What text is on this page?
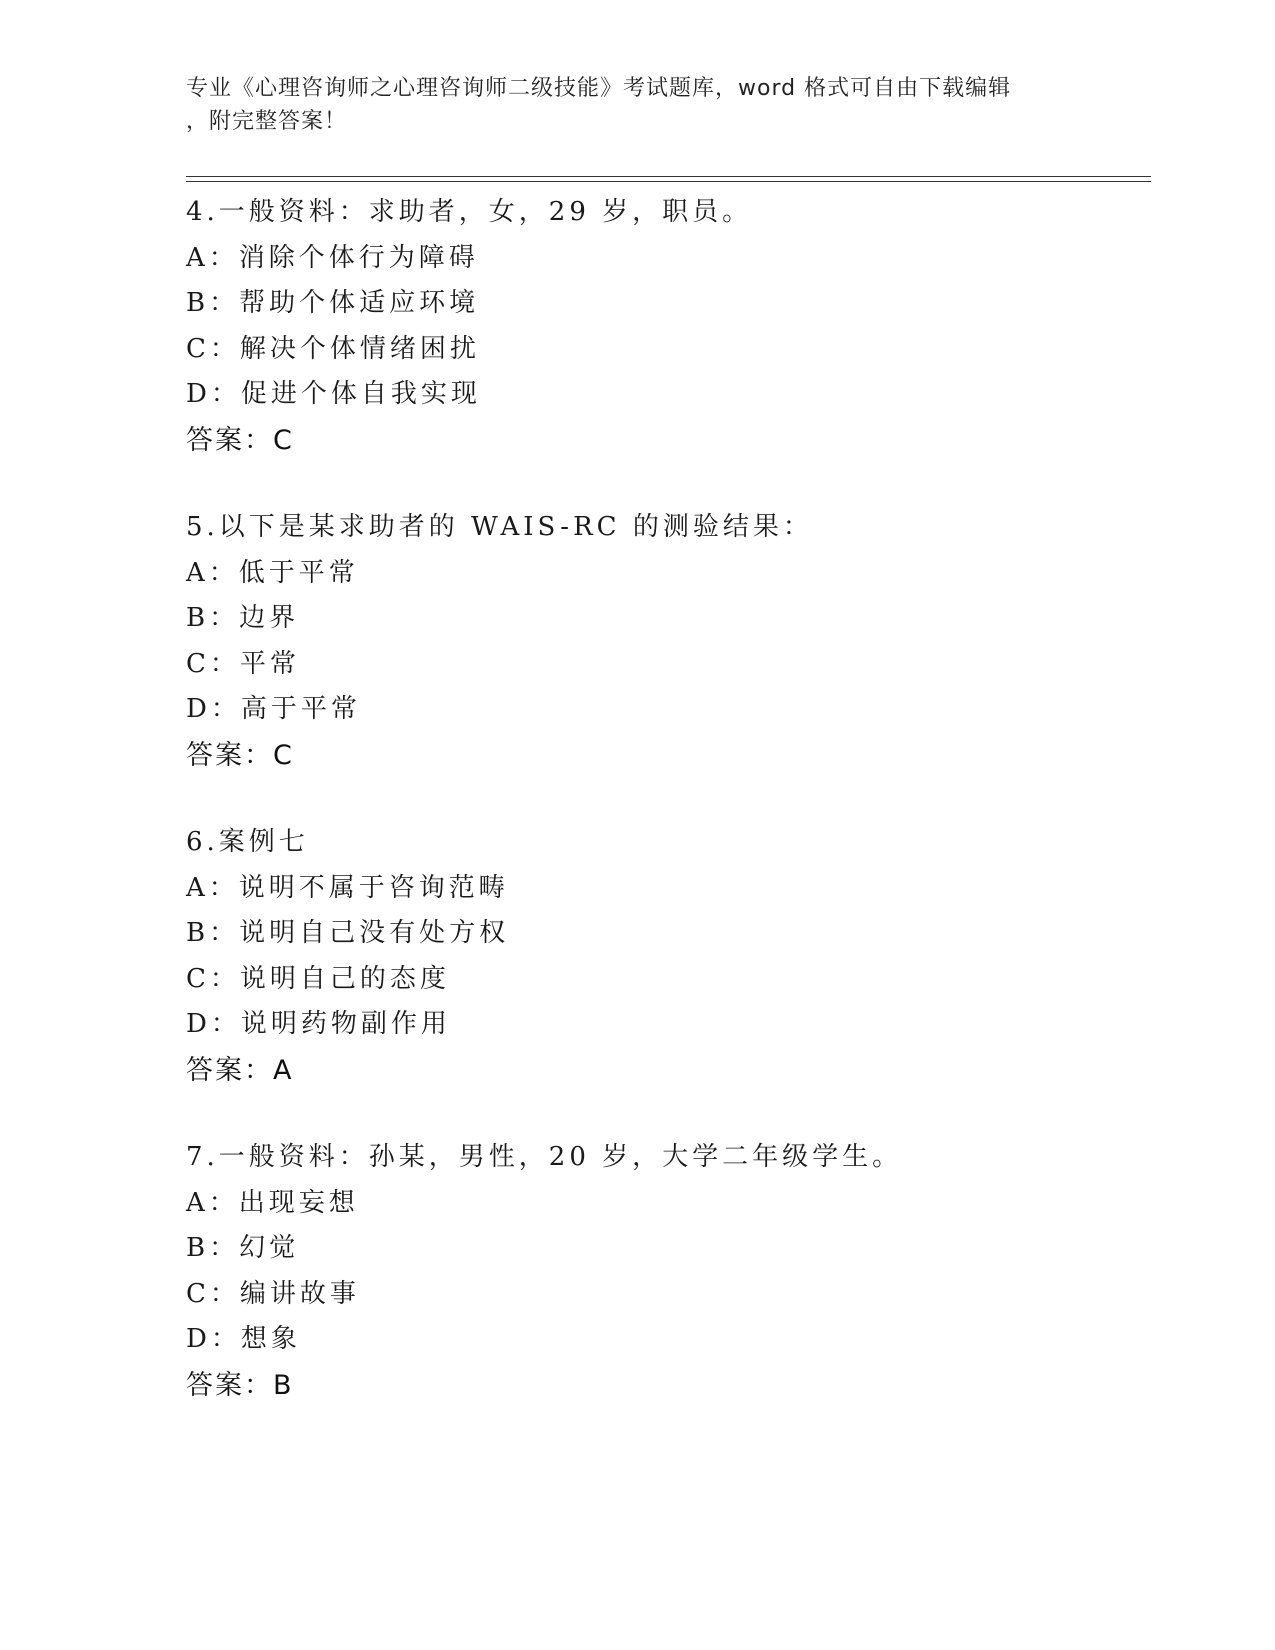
专业《心理咨询师之心理咨询师二级技能》考试题库，word 格式可自由下载编辑
，附完整答案！
4.一般资料：求助者，女，29 岁，职员。
A：消除个体行为障碍
B：帮助个体适应环境
C：解决个体情绪困扰
D：促进个体自我实现
答案：C
5.以下是某求助者的 WAIS-RC 的测验结果：
A：低于平常
B：边界
C：平常
D：高于平常
答案：C
6.案例七
A：说明不属于咨询范畴
B：说明自己没有处方权
C：说明自己的态度
D：说明药物副作用
答案：A
7.一般资料：孙某，男性，20 岁，大学二年级学生。
A：出现妄想
B：幻觉
C：编讲故事
D：想象
答案：B
